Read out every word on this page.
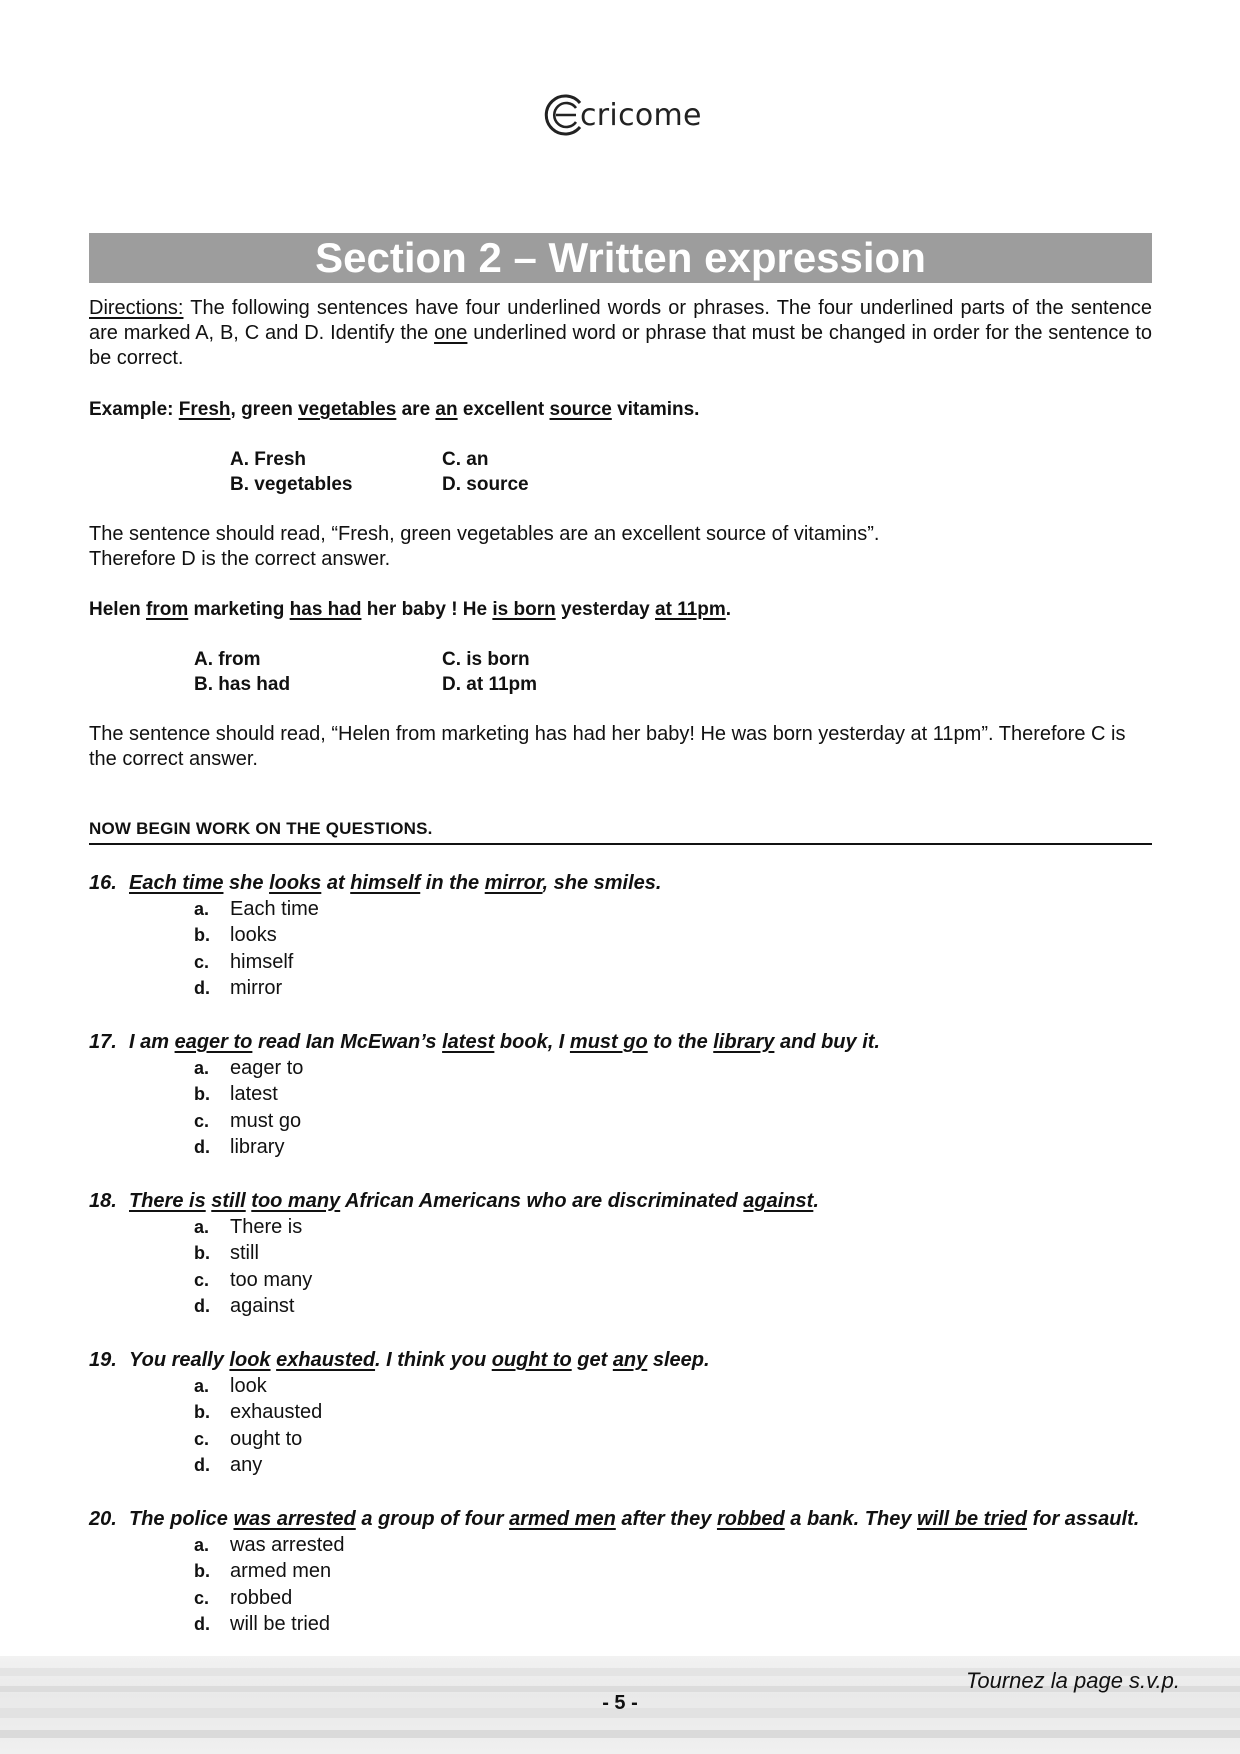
cricome
Section 2 – Written expression

Directions: The following sentences have four underlined words or phrases. The four underlined parts of the sentence are marked A, B, C and D. Identify the one underlined word or phrase that must be changed in order for the sentence to be correct.

Example: Fresh, green vegetables are an excellent source vitamins.
A. Fresh	C. an
B. vegetables	D. source

The sentence should read, “Fresh, green vegetables are an excellent source of vitamins”.

Therefore D is the correct answer.

Helen from marketing has had her baby ! He is born yesterday at 11pm.
A. from	C. is born
B. has had	D. at 11pm

The sentence should read, “Helen from marketing has had her baby! He was born yesterday at 11pm”. Therefore C is the correct answer.

NOW BEGIN WORK ON THE QUESTIONS.
16. Each time she looks at himself in the mirror, she smiles.
a.	Each time
b.	looks
c.	himself
d.	mirror
17. I am eager to read Ian McEwan’s latest book, I must go to the library and buy it.
a.	eager to
b.	latest
c.	must go
d.	library
18. There is still too many African Americans who are discriminated against.
a.	There is
b.	still
c.	too many
d.	against
19. You really look exhausted. I think you ought to get any sleep.
a.	look
b.	exhausted
c.	ought to
d.	any
20. The police was arrested a group of four armed men after they robbed a bank. They will be tried for assault.
a.	was arrested
b.	armed men
c.	robbed
d.	will be tried
Tournez la page s.v.p.
- 5 -
